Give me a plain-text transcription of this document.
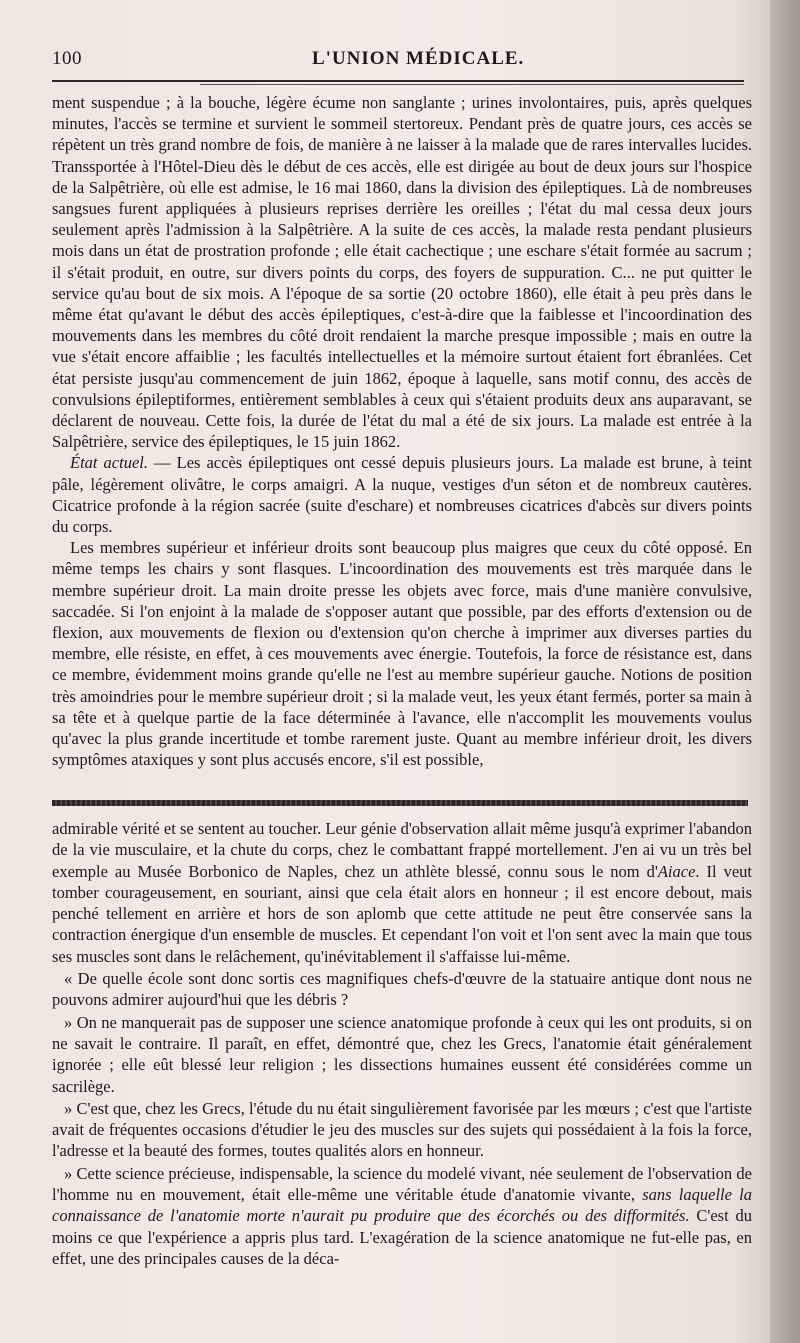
100	L'UNION MÉDICALE.

ment suspendue ; à la bouche, légère écume non sanglante ; urines involontaires, puis, après quelques minutes, l'accès se termine et survient le sommeil stertoreux. Pendant près de quatre jours, ces accès se répètent un très grand nombre de fois, de manière à ne laisser à la malade que de rares intervalles lucides. Transsportée à l'Hôtel-Dieu dès le début de ces accès, elle est dirigée au bout de deux jours sur l'hospice de la Salpêtrière, où elle est admise, le 16 mai 1860, dans la division des épileptiques. Là de nombreuses sangsues furent appliquées à plusieurs reprises derrière les oreilles ; l'état du mal cessa deux jours seulement après l'admission à la Salpêtrière. A la suite de ces accès, la malade resta pendant plusieurs mois dans un état de prostration profonde ; elle était cachectique ; une eschare s'était formée au sacrum ; il s'était produit, en outre, sur divers points du corps, des foyers de suppuration. C... ne put quitter le service qu'au bout de six mois. A l'époque de sa sortie (20 octobre 1860), elle était à peu près dans le même état qu'avant le début des accès épileptiques, c'est-à-dire que la faiblesse et l'incoordination des mouvements dans les membres du côté droit rendaient la marche presque impossible ; mais en outre la vue s'était encore affaiblie ; les facultés intellectuelles et la mémoire surtout étaient fort ébranlées. Cet état persiste jusqu'au commencement de juin 1862, époque à laquelle, sans motif connu, des accès de convulsions épileptiformes, entièrement semblables à ceux qui s'étaient produits deux ans auparavant, se déclarent de nouveau. Cette fois, la durée de l'état du mal a été de six jours. La malade est entrée à la Salpêtrière, service des épileptiques, le 15 juin 1862.

État actuel. — Les accès épileptiques ont cessé depuis plusieurs jours. La malade est brune, à teint pâle, légèrement olivâtre, le corps amaigri. A la nuque, vestiges d'un séton et de nombreux cautères. Cicatrice profonde à la région sacrée (suite d'eschare) et nombreuses cicatrices d'abcès sur divers points du corps.

Les membres supérieur et inférieur droits sont beaucoup plus maigres que ceux du côté opposé. En même temps les chairs y sont flasques. L'incoordination des mouvements est très marquée dans le membre supérieur droit. La main droite presse les objets avec force, mais d'une manière convulsive, saccadée. Si l'on enjoint à la malade de s'opposer autant que possible, par des efforts d'extension ou de flexion, aux mouvements de flexion ou d'extension qu'on cherche à imprimer aux diverses parties du membre, elle résiste, en effet, à ces mouvements avec énergie. Toutefois, la force de résistance est, dans ce membre, évidemment moins grande qu'elle ne l'est au membre supérieur gauche. Notions de position très amoindries pour le membre supérieur droit ; si la malade veut, les yeux étant fermés, porter sa main à sa tête et à quelque partie de la face déterminée à l'avance, elle n'accomplit les mouvements voulus qu'avec la plus grande incertitude et tombe rarement juste. Quant au membre inférieur droit, les divers symptômes ataxiques y sont plus accusés encore, s'il est possible,

admirable vérité et se sentent au toucher. Leur génie d'observation allait même jusqu'à exprimer l'abandon de la vie musculaire, et la chute du corps, chez le combattant frappé mortellement. J'en ai vu un très bel exemple au Musée Borbonico de Naples, chez un athlète blessé, connu sous le nom d'Aiace. Il veut tomber courageusement, en souriant, ainsi que cela était alors en honneur ; il est encore debout, mais penché tellement en arrière et hors de son aplomb que cette attitude ne peut être conservée sans la contraction énergique d'un ensemble de muscles. Et cependant l'on voit et l'on sent avec la main que tous ses muscles sont dans le relâchement, qu'inévitablement il s'affaisse lui-même.

« De quelle école sont donc sortis ces magnifiques chefs-d'œuvre de la statuaire antique dont nous ne pouvons admirer aujourd'hui que les débris ?

» On ne manquerait pas de supposer une science anatomique profonde à ceux qui les ont produits, si on ne savait le contraire. Il paraît, en effet, démontré que, chez les Grecs, l'anatomie était généralement ignorée ; elle eût blessé leur religion ; les dissections humaines eussent été considérées comme un sacrilège.

» C'est que, chez les Grecs, l'étude du nu était singulièrement favorisée par les mœurs ; c'est que l'artiste avait de fréquentes occasions d'étudier le jeu des muscles sur des sujets qui possédaient à la fois la force, l'adresse et la beauté des formes, toutes qualités alors en honneur.

» Cette science précieuse, indispensable, la science du modelé vivant, née seulement de l'observation de l'homme nu en mouvement, était elle-même une véritable étude d'anatomie vivante, sans laquelle la connaissance de l'anatomie morte n'aurait pu produire que des écorchés ou des difformités. C'est du moins ce que l'expérience a appris plus tard. L'exagération de la science anatomique ne fut-elle pas, en effet, une des principales causes de la déca-
